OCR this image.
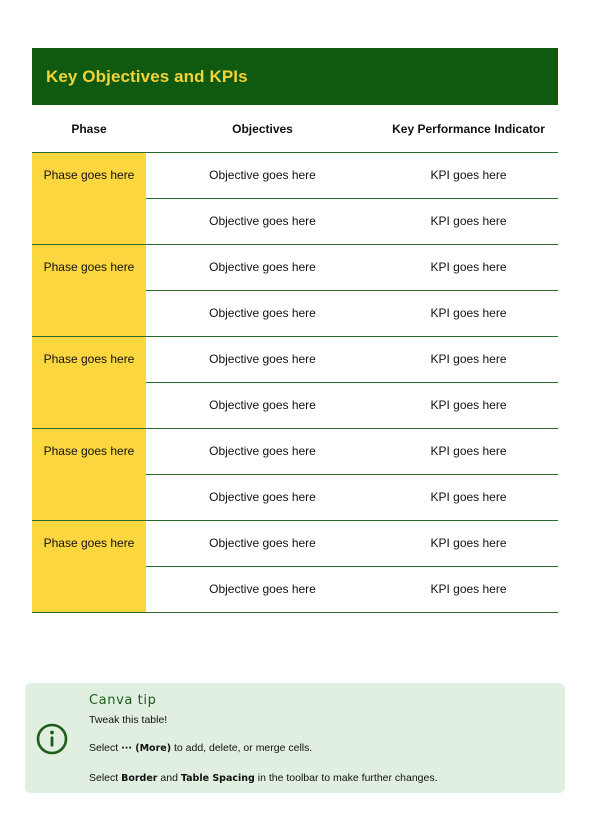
Key Objectives and KPIs
Phase	Objectives	Key Performance Indicator
Phase goes here	Objective goes here	KPI goes here
	Objective goes here	KPI goes here
Phase goes here	Objective goes here	KPI goes here
	Objective goes here	KPI goes here
Phase goes here	Objective goes here	KPI goes here
	Objective goes here	KPI goes here
Phase goes here	Objective goes here	KPI goes here
	Objective goes here	KPI goes here
Phase goes here	Objective goes here	KPI goes here
	Objective goes here	KPI goes here
Canva tip
Tweak this table!
Select ··· (More) to add, delete, or merge cells.
Select Border and Table Spacing in the toolbar to make further changes.
